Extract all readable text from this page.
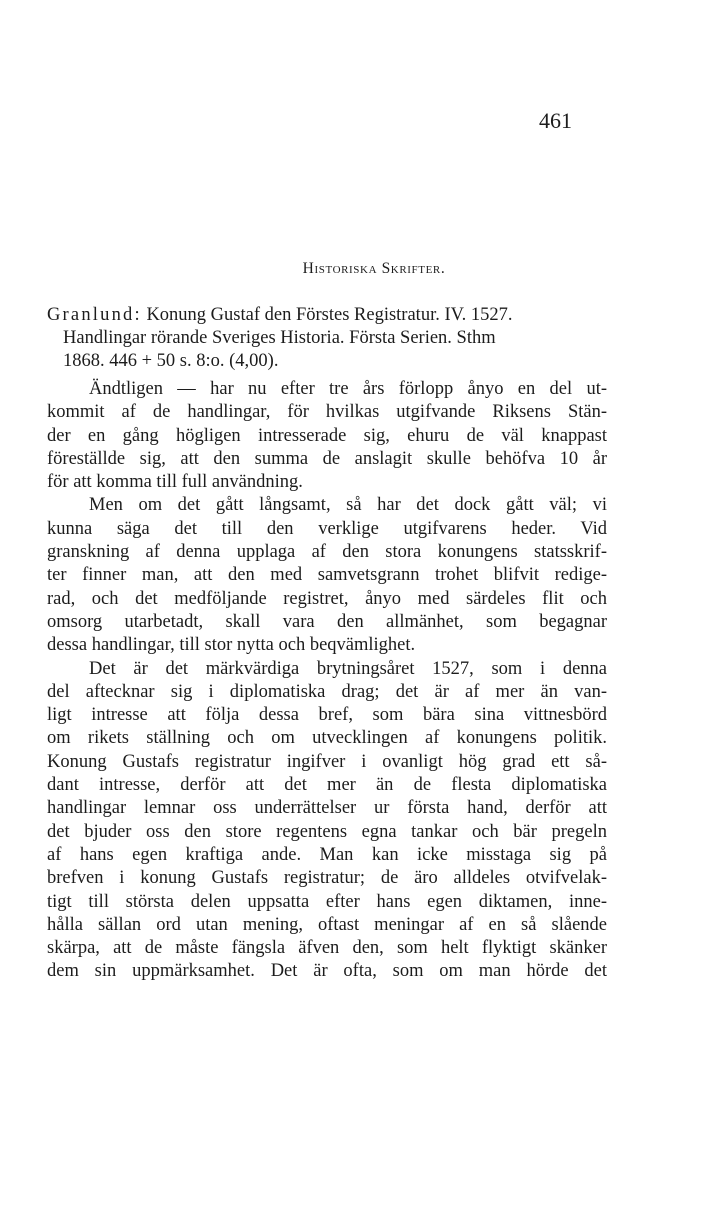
461
Historiska Skrifter.
Granlund: Konung Gustaf den Förstes Registratur. IV. 1527.
Handlingar rörande Sveriges Historia. Första Serien. Sthm
1868. 446 + 50 s. 8:o. (4,00).
Ändtligen — har nu efter tre års förlopp ånyo en del ut-
kommit af de handlingar, för hvilkas utgifvande Riksens Stän-
der en gång högligen intresserade sig, ehuru de väl knappast
föreställde sig, att den summa de anslagit skulle behöfva 10 år
för att komma till full användning.
Men om det gått långsamt, så har det dock gått väl; vi
kunna säga det till den verklige utgifvarens heder. Vid
granskning af denna upplaga af den stora konungens statsskrif-
ter finner man, att den med samvetsgrann trohet blifvit redige-
rad, och det medföljande registret, ånyo med särdeles flit och
omsorg utarbetadt, skall vara den allmänhet, som begagnar
dessa handlingar, till stor nytta och beqvämlighet.
Det är det märkvärdiga brytningsåret 1527, som i denna
del aftecknar sig i diplomatiska drag; det är af mer än van-
ligt intresse att följa dessa bref, som bära sina vittnesbörd
om rikets ställning och om utvecklingen af konungens politik.
Konung Gustafs registratur ingifver i ovanligt hög grad ett så-
dant intresse, derför att det mer än de flesta diplomatiska
handlingar lemnar oss underrättelser ur första hand, derför att
det bjuder oss den store regentens egna tankar och bär pregeln
af hans egen kraftiga ande. Man kan icke misstaga sig på
brefven i konung Gustafs registratur; de äro alldeles otvifvelak-
tigt till största delen uppsatta efter hans egen diktamen, inne-
hålla sällan ord utan mening, oftast meningar af en så slående
skärpa, att de måste fängsla äfven den, som helt flyktigt skänker
dem sin uppmärksamhet. Det är ofta, som om man hörde det
